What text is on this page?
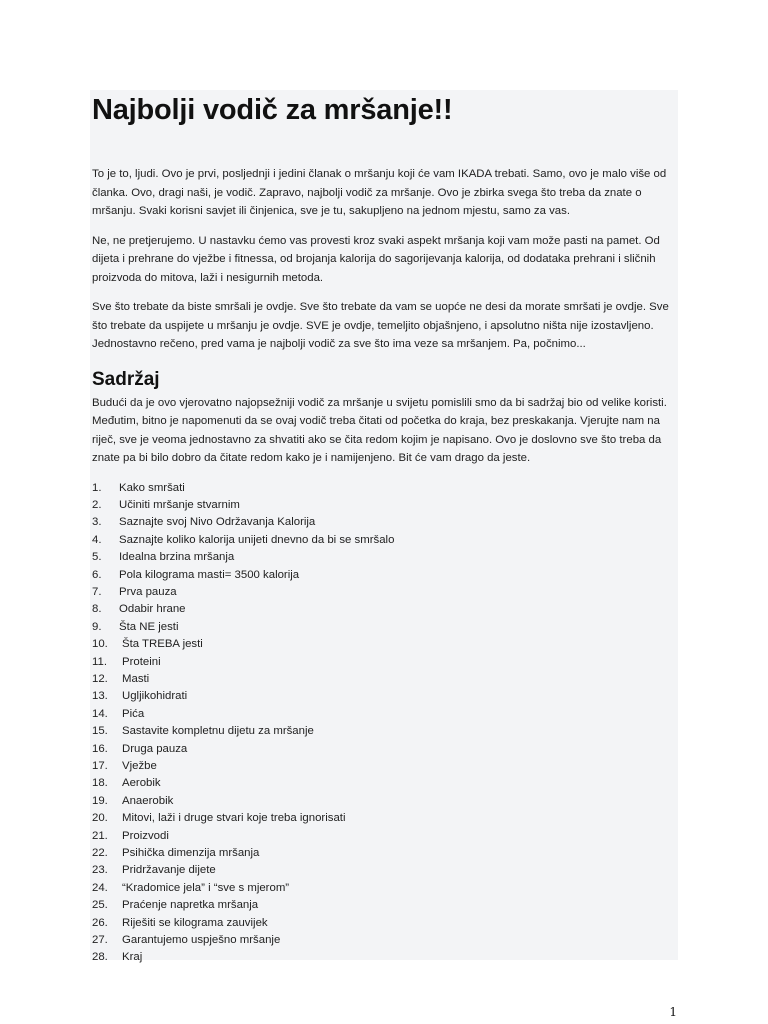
Najbolji vodič za mršanje!!

To je to, ljudi. Ovo je prvi, posljednji i jedini članak o mršanju koji će vam IKADA trebati. Samo, ovo je malo više od članka. Ovo, dragi naši, je vodič. Zapravo, najbolji vodič za mršanje. Ovo je zbirka svega što treba da znate o mršanju. Svaki korisni savjet ili činjenica, sve je tu, sakupljeno na jednom mjestu, samo za vas.

Ne, ne pretjerujemo. U nastavku ćemo vas provesti kroz svaki aspekt mršanja koji vam može pasti na pamet. Od dijeta i prehrane do vježbe i fitnessa, od brojanja kalorija do sagorijevanja kalorija, od dodataka prehrani i sličnih proizvoda do mitova, laži i nesigurnih metoda.

Sve što trebate da biste smršali je ovdje. Sve što trebate da vam se uopće ne desi da morate smršati je ovdje. Sve što trebate da uspijete u mršanju je ovdje. SVE je ovdje, temeljito objašnjeno, i apsolutno ništa nije izostavljeno. Jednostavno rečeno, pred vama je najbolji vodič za sve što ima veze sa mršanjem. Pa, počnimo...

Sadržaj

Budući da je ovo vjerovatno najopsežniji vodič za mršanje u svijetu pomislili smo da bi sadržaj bio od velike koristi. Međutim, bitno je napomenuti da se ovaj vodič treba čitati od početka do kraja, bez preskakanja. Vjerujte nam na riječ, sve je veoma jednostavno za shvatiti ako se čita redom kojim je napisano. Ovo je doslovno sve što treba da znate pa bi bilo dobro da čitate redom kako je i namijenjeno. Bit će vam drago da jeste.

1.	Kako smršati
2.	Učiniti mršanje stvarnim
3.	Saznajte svoj Nivo Održavanja Kalorija
4.	Saznajte koliko kalorija unijeti dnevno da bi se smršalo
5.	Idealna brzina mršanja
6.	Pola kilograma masti= 3500 kalorija
7.	Prva pauza
8.	Odabir hrane
9.	Šta NE jesti
10.	Šta TREBA jesti
11.	Proteini
12.	Masti
13.	Ugljikohidrati
14.	Pića
15.	Sastavite kompletnu dijetu za mršanje
16.	Druga pauza
17.	Vježbe
18.	Aerobik
19.	Anaerobik
20.	Mitovi, laži i druge stvari koje treba ignorisati
21.	Proizvodi
22.	Psihička dimenzija mršanja
23.	Pridržavanje dijete
24.	“Kradomice jela” i “sve s mjerom”
25.	Praćenje napretka mršanja
26.	Riješiti se kilograma zauvijek
27.	Garantujemo uspješno mršanje
28.	Kraj
1
